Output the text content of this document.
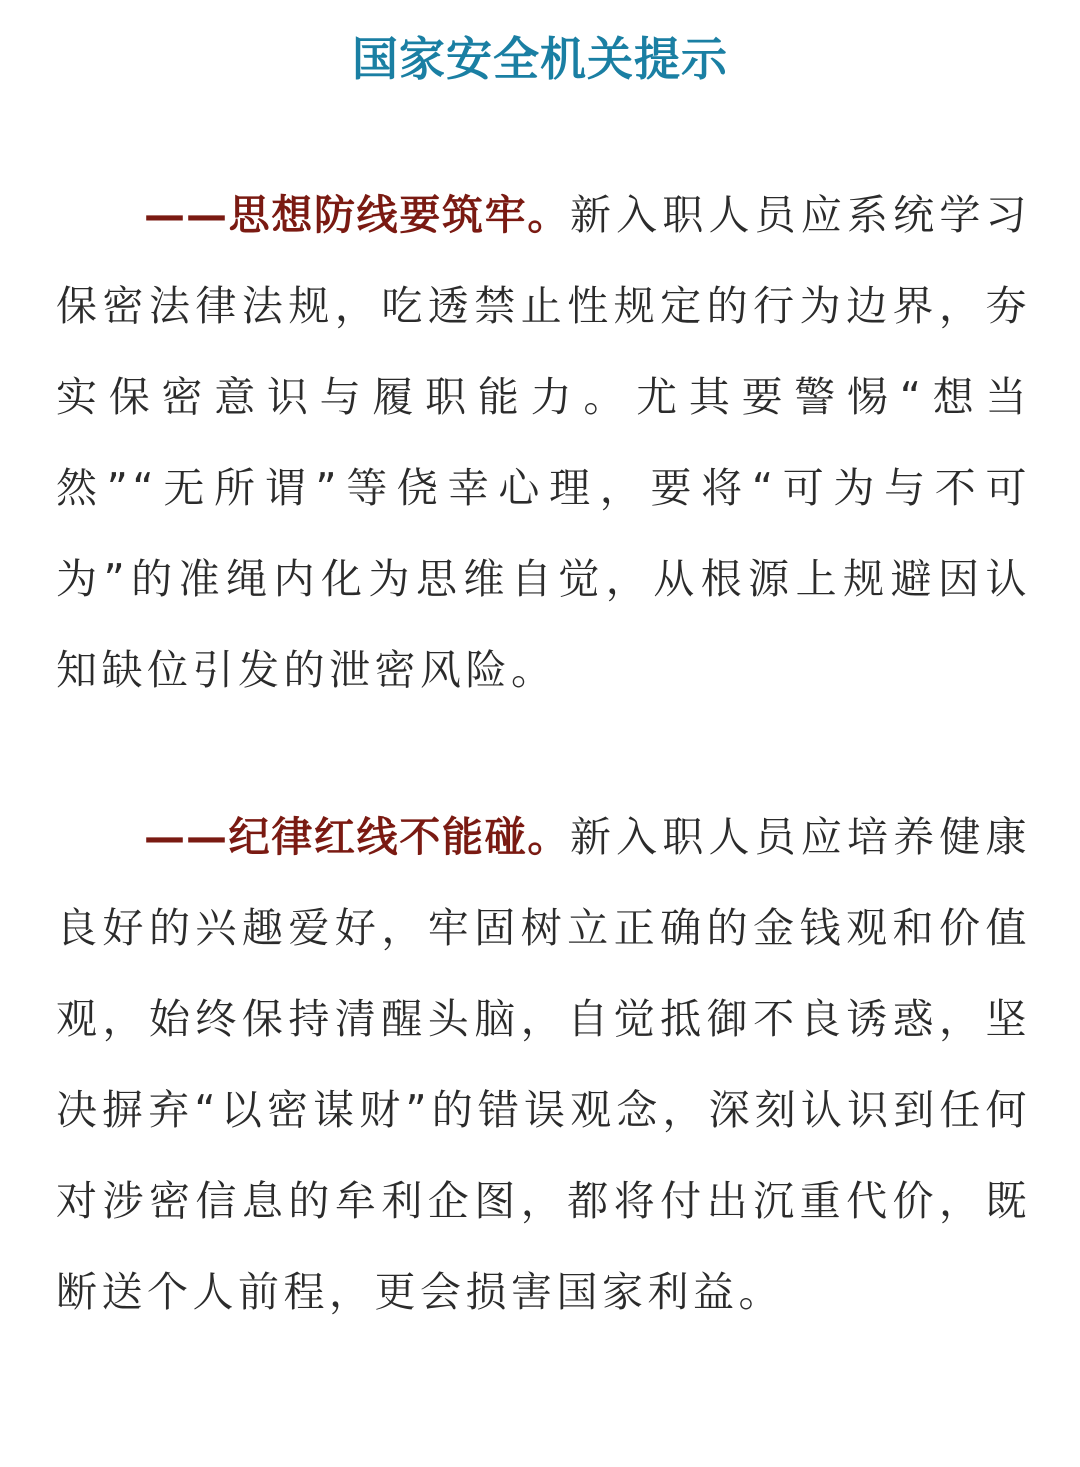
国家安全机关提示

——思想防线要筑牢。新入职人员应系统学习保密法律法规，吃透禁止性规定的行为边界，夯实保密意识与履职能力。尤其要警惕“想当然”“无所谓”等侥幸心理，要将“可为与不可为”的准绳内化为思维自觉，从根源上规避因认知缺位引发的泄密风险。

——纪律红线不能碰。新入职人员应培养健康良好的兴趣爱好，牢固树立正确的金钱观和价值观，始终保持清醒头脑，自觉抵御不良诱惑，坚决摒弃“以密谋财”的错误观念，深刻认识到任何对涉密信息的牟利企图，都将付出沉重代价，既断送个人前程，更会损害国家利益。
